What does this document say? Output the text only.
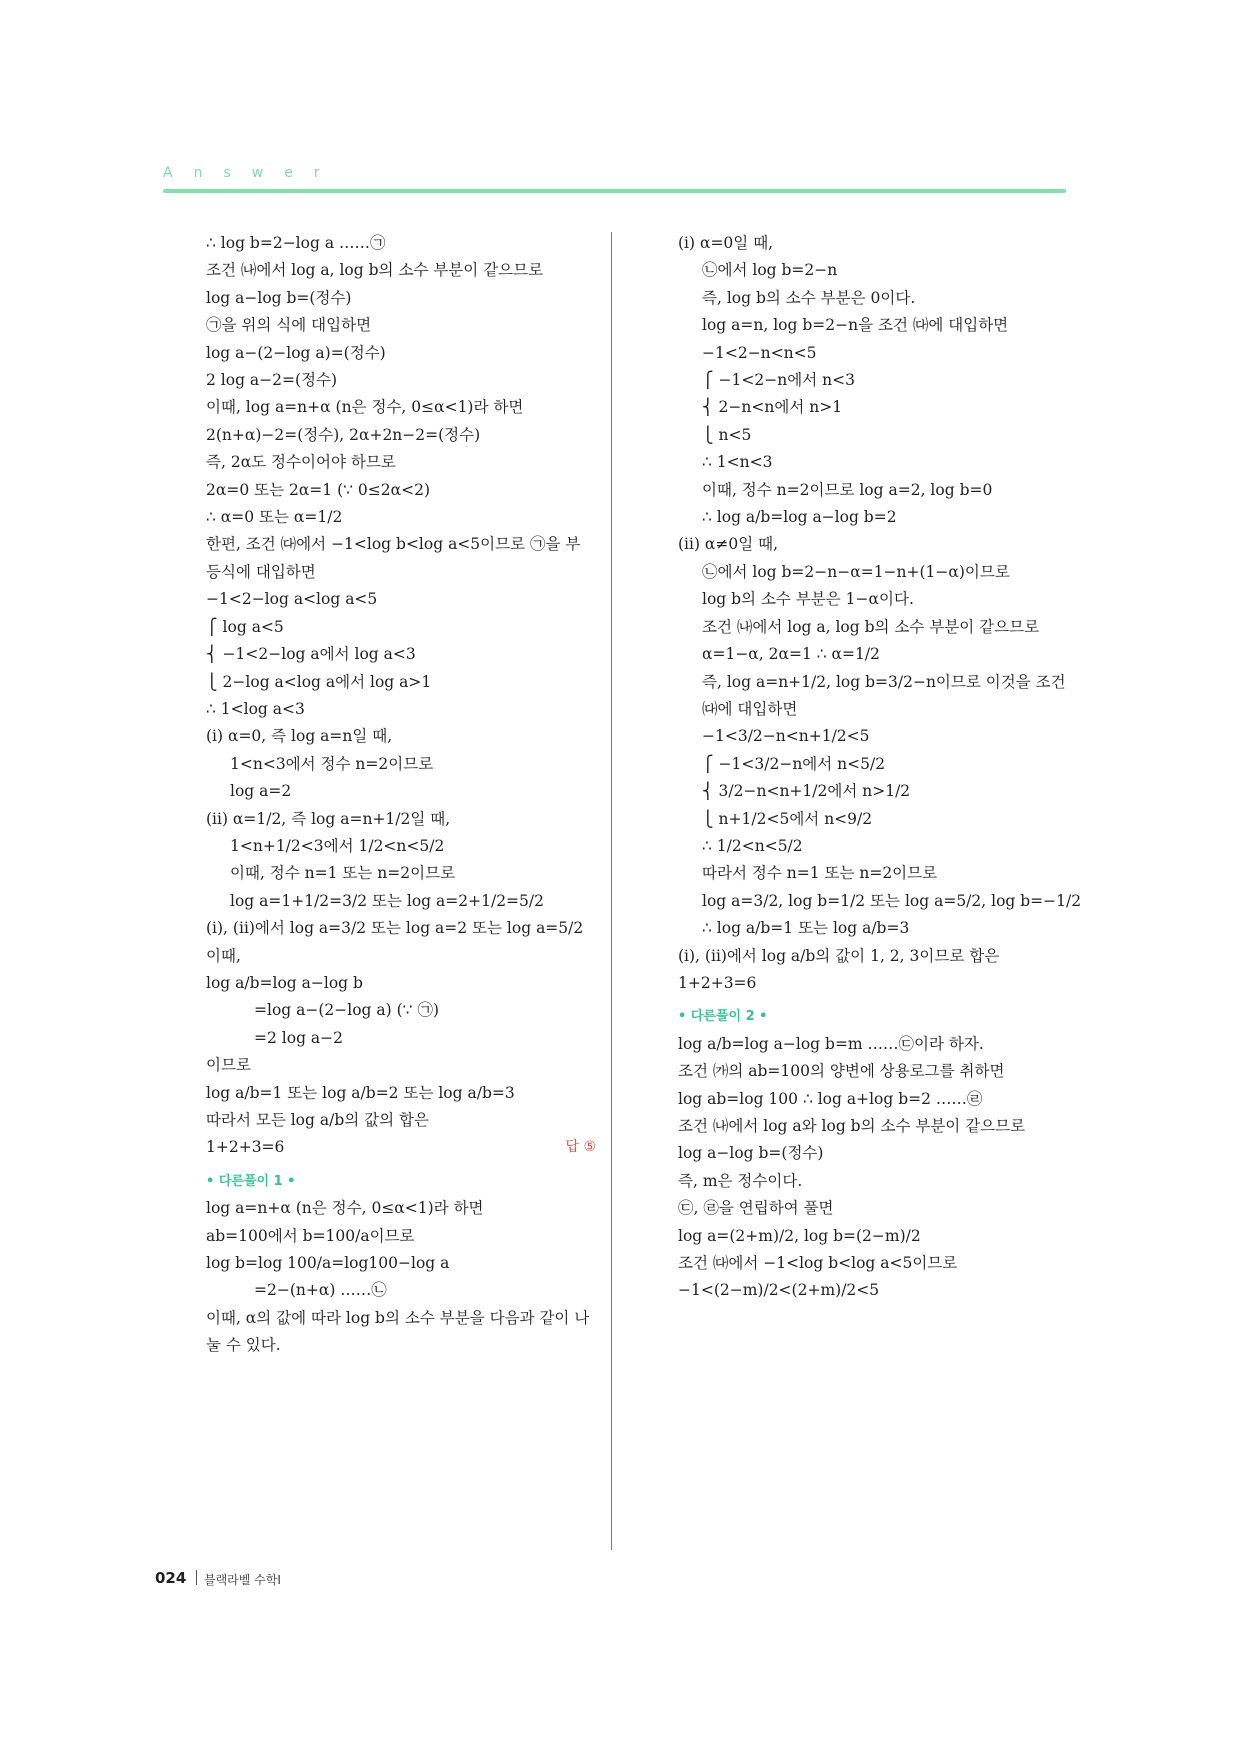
Answer
∴ log b=2−log a ……㉠
조건 ㈏에서 log a, log b의 소수 부분이 같으므로
log a−log b=(정수)
㉠을 위의 식에 대입하면
log a−(2−log a)=(정수)
2 log a−2=(정수)
이때, log a=n+α (n은 정수, 0≤α<1)라 하면
2(n+α)−2=(정수), 2α+2n−2=(정수)
즉, 2α도 정수이어야 하므로
2α=0 또는 2α=1 (∵ 0≤2α<2)
∴ α=0 또는 α=1/2
한편, 조건 ㈐에서 −1<log b<log a<5이므로 ㉠을 부
등식에 대입하면
−1<2−log a<log a<5
⎧ log a<5
⎨ −1<2−log a에서 log a<3
⎩ 2−log a<log a에서 log a>1
∴ 1<log a<3
(ⅰ) α=0, 즉 log a=n일 때,
1<n<3에서 정수 n=2이므로
log a=2
(ⅱ) α=1/2, 즉 log a=n+1/2일 때,
1<n+1/2<3에서 1/2<n<5/2
이때, 정수 n=1 또는 n=2이므로
log a=1+1/2=3/2 또는 log a=2+1/2=5/2
(ⅰ), (ⅱ)에서 log a=3/2 또는 log a=2 또는 log a=5/2
이때,
log a/b=log a−log b
=log a−(2−log a) (∵ ㉠)
=2 log a−2
이므로
log a/b=1 또는 log a/b=2 또는 log a/b=3
따라서 모든 log a/b의 값의 합은
1+2+3=6	답 ⑤
• 다른풀이 1 •
log a=n+α (n은 정수, 0≤α<1)라 하면
ab=100에서 b=100/a이므로
log b=log 100/a=log100−log a
=2−(n+α) ……㉡
이때, α의 값에 따라 log b의 소수 부분을 다음과 같이 나
눌 수 있다.
(ⅰ) α=0일 때,
㉡에서 log b=2−n
즉, log b의 소수 부분은 0이다.
log a=n, log b=2−n을 조건 ㈐에 대입하면
−1<2−n<n<5
⎧ −1<2−n에서 n<3
⎨ 2−n<n에서 n>1
⎩ n<5
∴ 1<n<3
이때, 정수 n=2이므로 log a=2, log b=0
∴ log a/b=log a−log b=2
(ⅱ) α≠0일 때,
㉡에서 log b=2−n−α=1−n+(1−α)이므로
log b의 소수 부분은 1−α이다.
조건 ㈏에서 log a, log b의 소수 부분이 같으므로
α=1−α, 2α=1 ∴ α=1/2
즉, log a=n+1/2, log b=3/2−n이므로 이것을 조건
㈐에 대입하면
−1<3/2−n<n+1/2<5
⎧ −1<3/2−n에서 n<5/2
⎨ 3/2−n<n+1/2에서 n>1/2
⎩ n+1/2<5에서 n<9/2
∴ 1/2<n<5/2
따라서 정수 n=1 또는 n=2이므로
log a=3/2, log b=1/2 또는 log a=5/2, log b=−1/2
∴ log a/b=1 또는 log a/b=3
(ⅰ), (ⅱ)에서 log a/b의 값이 1, 2, 3이므로 합은
1+2+3=6
• 다른풀이 2 •
log a/b=log a−log b=m ……㉢이라 하자.
조건 ㈎의 ab=100의 양변에 상용로그를 취하면
log ab=log 100 ∴ log a+log b=2 ……㉣
조건 ㈏에서 log a와 log b의 소수 부분이 같으므로
log a−log b=(정수)
즉, m은 정수이다.
㉢, ㉣을 연립하여 풀면
log a=(2+m)/2, log b=(2−m)/2
조건 ㈐에서 −1<log b<log a<5이므로
−1<(2−m)/2<(2+m)/2<5
024 블랙라벨 수학Ⅰ
